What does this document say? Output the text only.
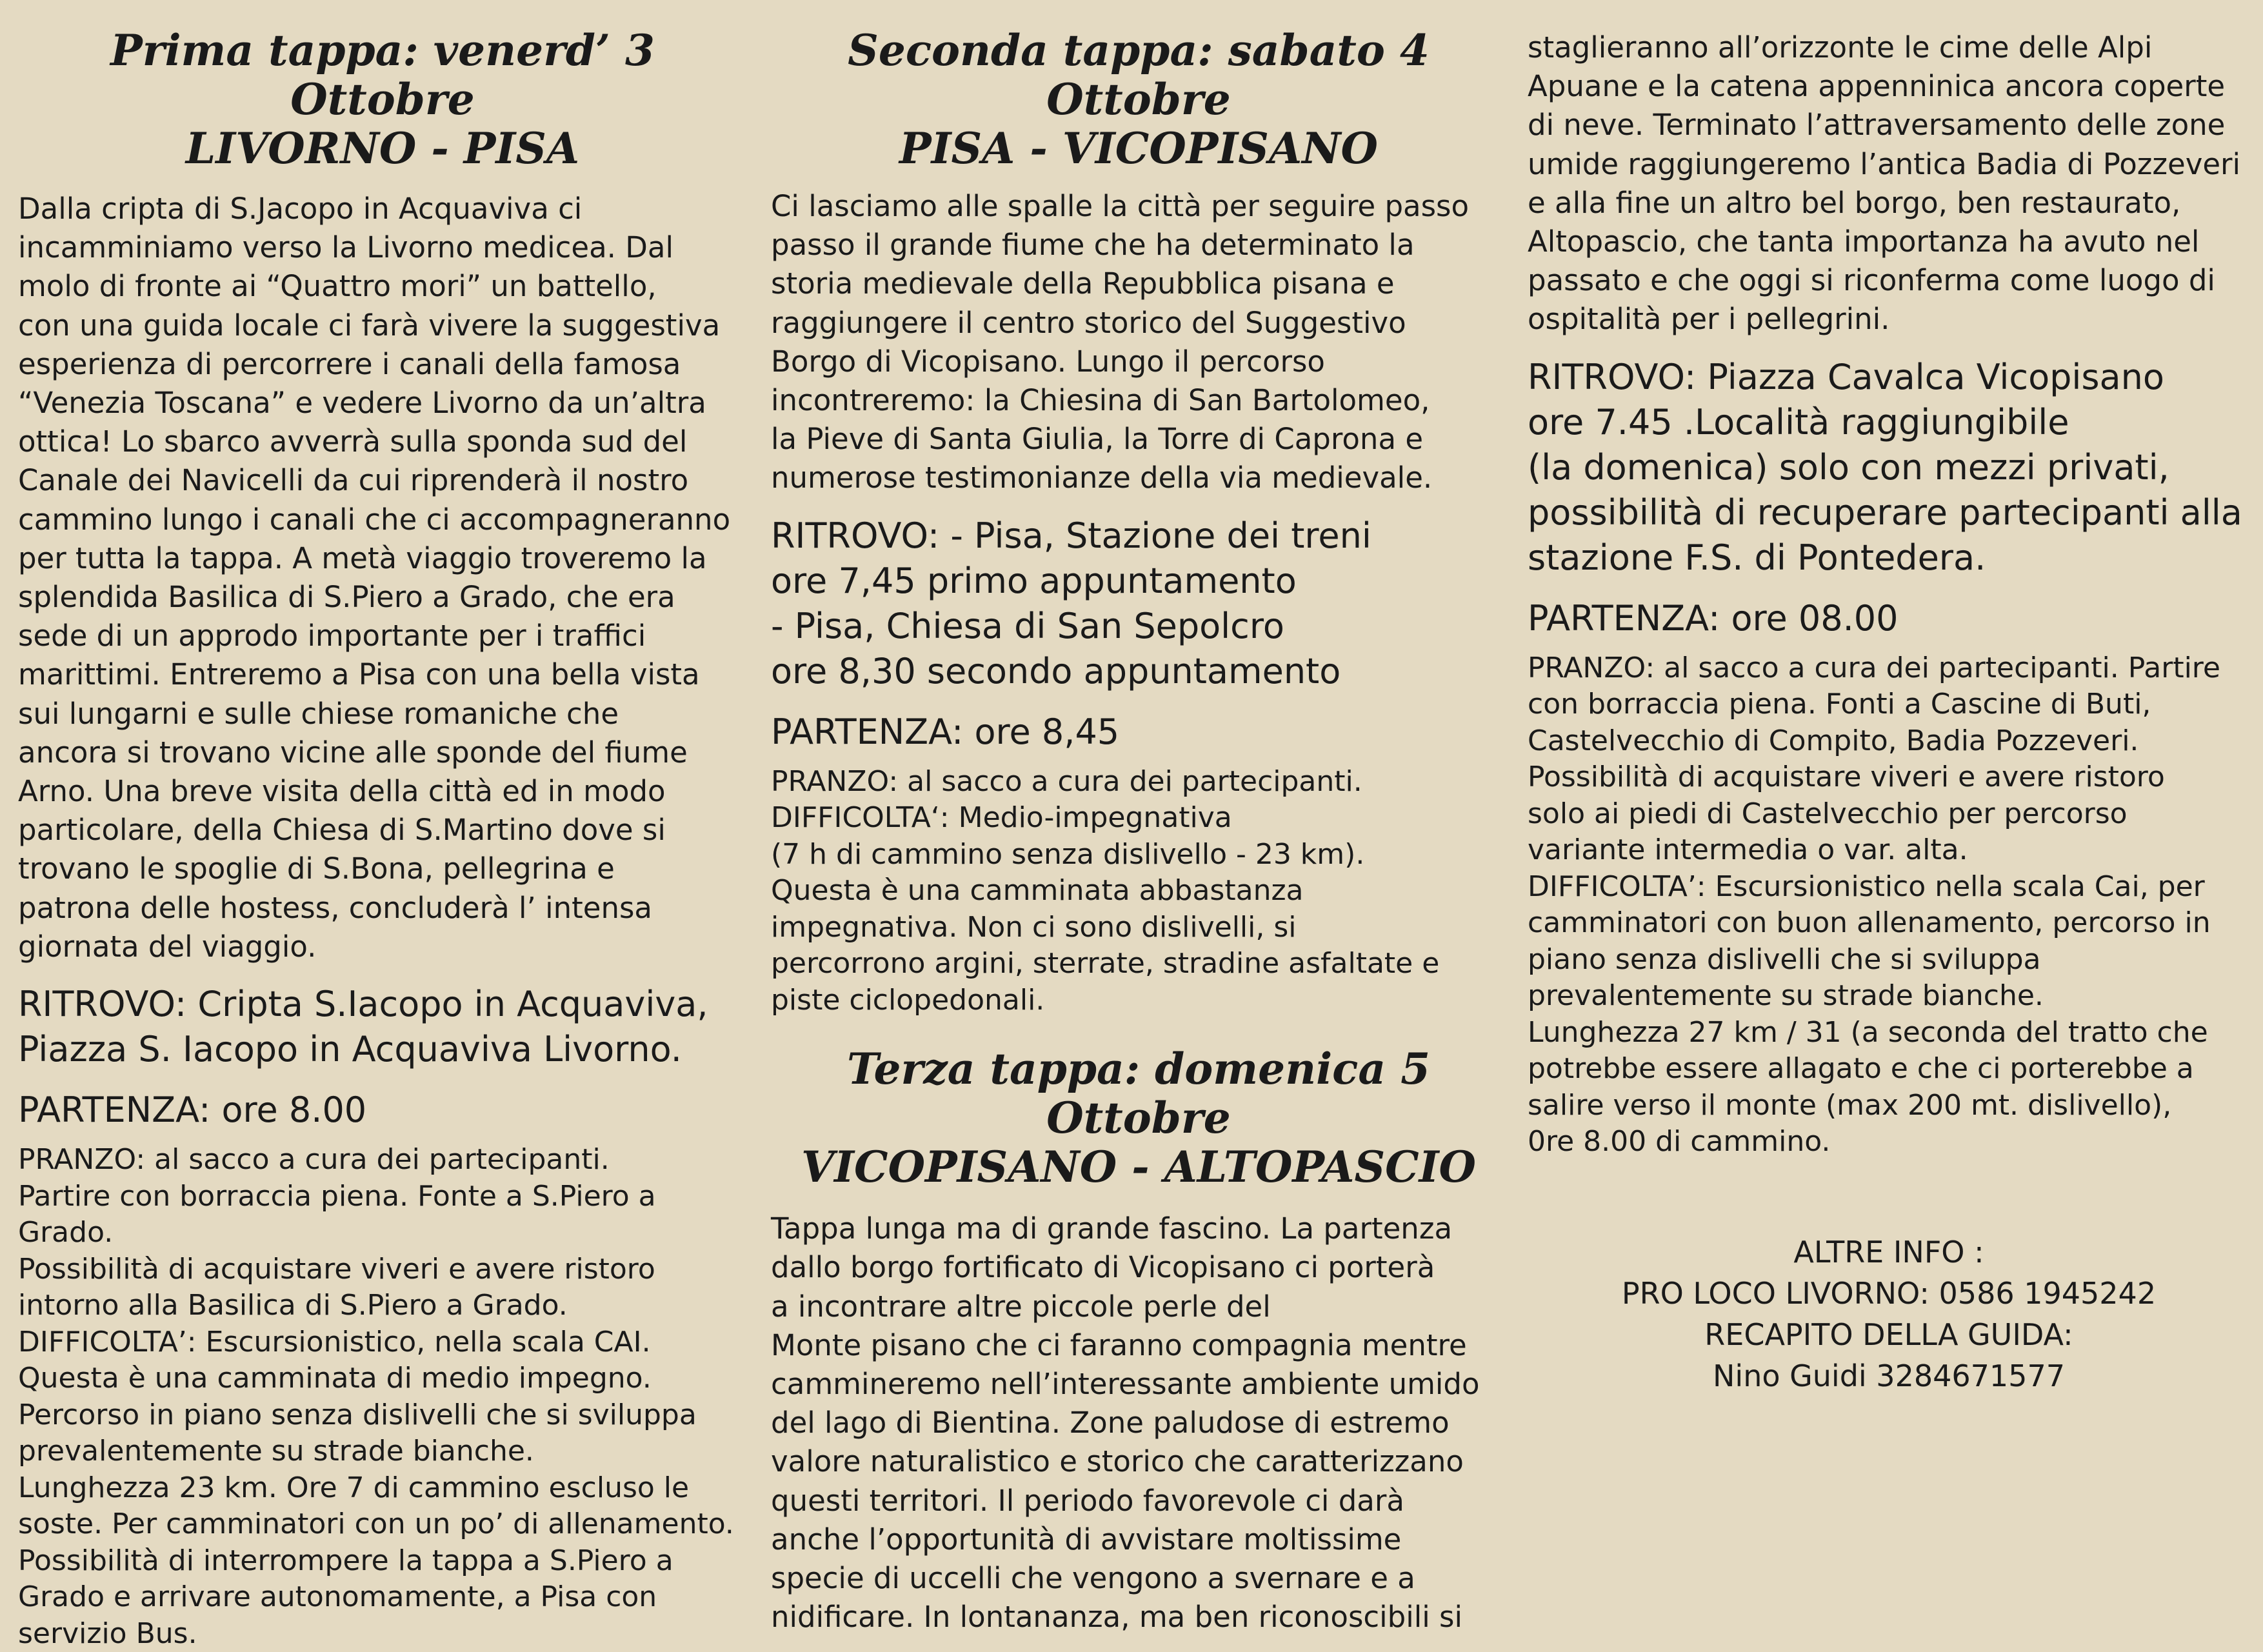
Prima tappa: venerd’ 3 Ottobre
LIVORNO - PISA

Dalla cripta di S.Jacopo in Acquaviva ci
incamminiamo verso la Livorno medicea. Dal
molo di fronte ai “Quattro mori” un battello,
con una guida locale ci farà vivere la suggestiva
esperienza di percorrere i canali della famosa
“Venezia Toscana” e vedere Livorno da un’altra
ottica! Lo sbarco avverrà sulla sponda sud del
Canale dei Navicelli da cui riprenderà il nostro
cammino lungo i canali che ci accompagneranno
per tutta la tappa. A metà viaggio troveremo la
splendida Basilica di S.Piero a Grado, che era
sede di un approdo importante per i traffici
marittimi. Entreremo a Pisa con una bella vista
sui lungarni e sulle chiese romaniche che
ancora si trovano vicine alle sponde del fiume
Arno. Una breve visita della città ed in modo
particolare, della Chiesa di S.Martino dove si
trovano le spoglie di S.Bona, pellegrina e
patrona delle hostess, concluderà l’ intensa
giornata del viaggio.

RITROVO: Cripta S.Iacopo in Acquaviva,
Piazza S. Iacopo in Acquaviva Livorno.

PARTENZA: ore 8.00

PRANZO: al sacco a cura dei partecipanti.
Partire con borraccia piena. Fonte a S.Piero a Grado.
Possibilità di acquistare viveri e avere ristoro
intorno alla Basilica di S.Piero a Grado.
DIFFICOLTA’: Escursionistico, nella scala CAI.
Questa è una camminata di medio impegno.
Percorso in piano senza dislivelli che si sviluppa
prevalentemente su strade bianche.
Lunghezza 23 km. Ore 7 di cammino escluso le
soste. Per camminatori con un po’ di allenamento.
Possibilità di interrompere la tappa a S.Piero a
Grado e arrivare autonomamente, a Pisa con
servizio Bus.

Seconda tappa: sabato 4 Ottobre
PISA - VICOPISANO

Ci lasciamo alle spalle la città per seguire passo
passo il grande fiume che ha determinato la
storia medievale della Repubblica pisana e
raggiungere il centro storico del Suggestivo
Borgo di Vicopisano. Lungo il percorso
incontreremo: la Chiesina di San Bartolomeo,
la Pieve di Santa Giulia, la Torre di Caprona e
numerose testimonianze della via medievale.

RITROVO: - Pisa, Stazione dei treni
ore 7,45 primo appuntamento
- Pisa, Chiesa di San Sepolcro
ore 8,30 secondo appuntamento

PARTENZA: ore 8,45

PRANZO: al sacco a cura dei partecipanti.
DIFFICOLTA‘: Medio-impegnativa
(7 h di cammino senza dislivello - 23 km).
Questa è una camminata abbastanza
impegnativa. Non ci sono dislivelli, si
percorrono argini, sterrate, stradine asfaltate e
piste ciclopedonali.

Terza tappa: domenica 5 Ottobre
VICOPISANO - ALTOPASCIO

Tappa lunga ma di grande fascino. La partenza
dallo borgo fortificato di Vicopisano ci porterà
a incontrare altre piccole perle del
Monte pisano che ci faranno compagnia mentre
cammineremo nell’interessante ambiente umido
del lago di Bientina. Zone paludose di estremo
valore naturalistico e storico che caratterizzano
questi territori. Il periodo favorevole ci darà
anche l’opportunità di avvistare moltissime
specie di uccelli che vengono a svernare e a
nidificare. In lontananza, ma ben riconoscibili si

staglieranno all’orizzonte le cime delle Alpi
Apuane e la catena appenninica ancora coperte
di neve. Terminato l’attraversamento delle zone
umide raggiungeremo l’antica Badia di Pozzeveri
e alla fine un altro bel borgo, ben restaurato,
Altopascio, che tanta importanza ha avuto nel
passato e che oggi si riconferma come luogo di
ospitalità per i pellegrini.

RITROVO: Piazza Cavalca Vicopisano
ore 7.45 .Località raggiungibile
(la domenica) solo con mezzi privati,
possibilità di recuperare partecipanti alla
stazione F.S. di Pontedera.

PARTENZA: ore 08.00

PRANZO: al sacco a cura dei partecipanti. Partire
con borraccia piena. Fonti a Cascine di Buti,
Castelvecchio di Compito, Badia Pozzeveri.
Possibilità di acquistare viveri e avere ristoro
solo ai piedi di Castelvecchio per percorso
variante intermedia o var. alta.
DIFFICOLTA’: Escursionistico nella scala Cai, per
camminatori con buon allenamento, percorso in
piano senza dislivelli che si sviluppa
prevalentemente su strade bianche.
Lunghezza 27 km / 31 (a seconda del tratto che
potrebbe essere allagato e che ci porterebbe a
salire verso il monte (max 200 mt. dislivello),
0re 8.00 di cammino.

ALTRE INFO :

PRO LOCO LIVORNO: 0586 1945242

RECAPITO DELLA GUIDA:

Nino Guidi 3284671577
